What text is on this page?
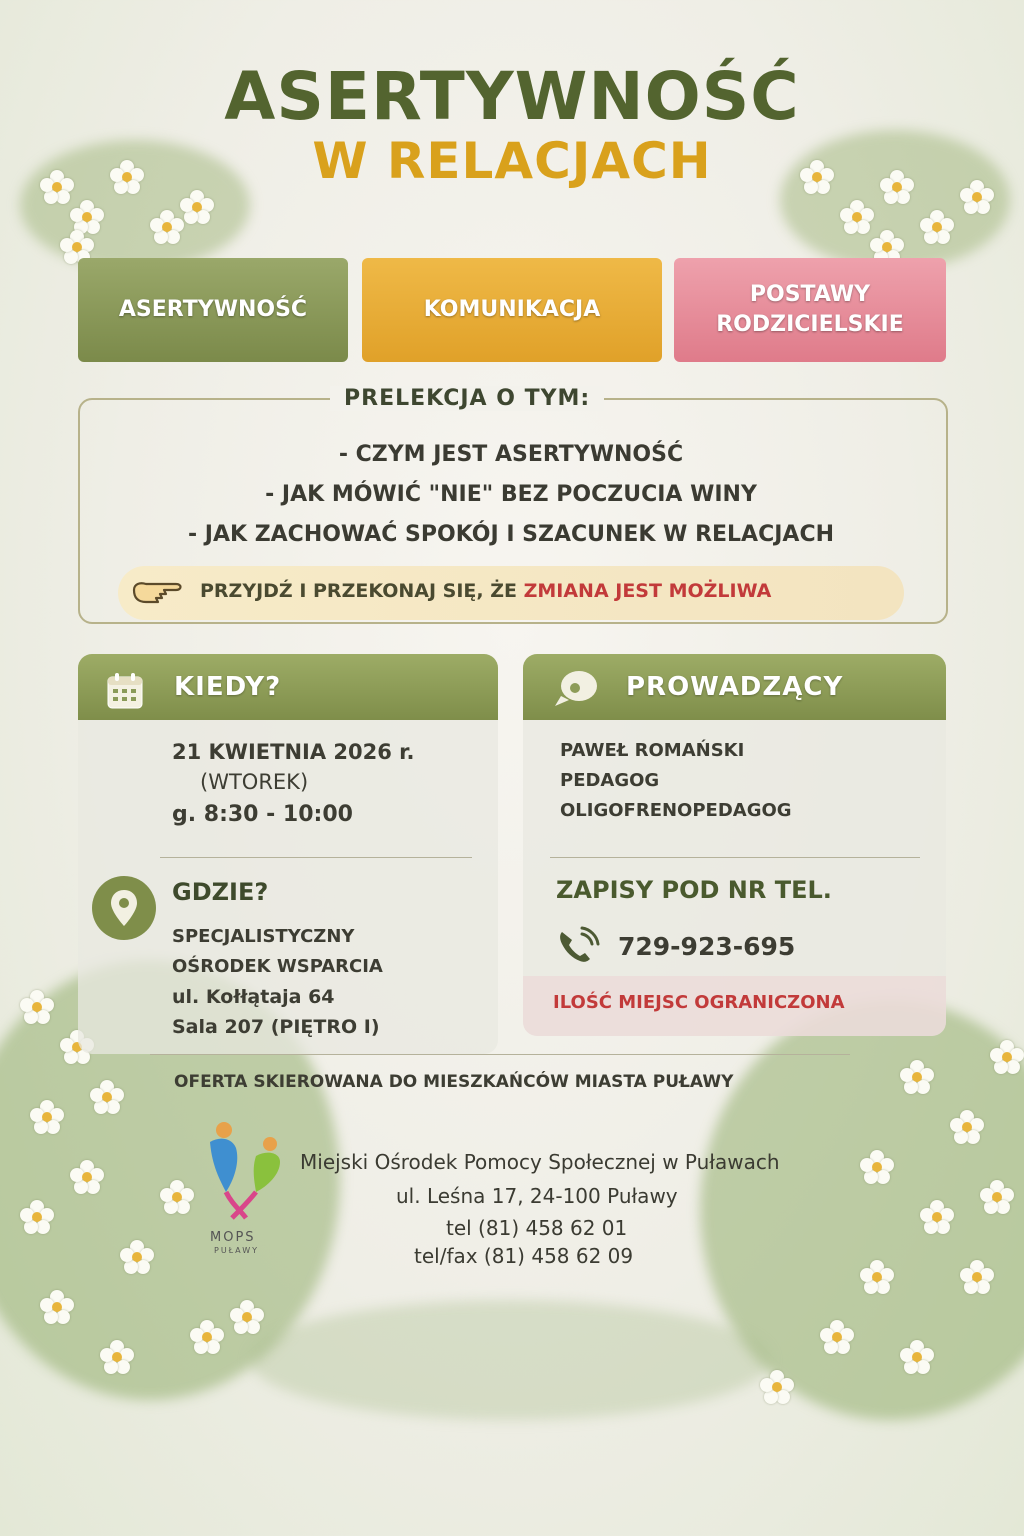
ASERTYWNOŚĆ
W RELACJACH
ASERTYWNOŚĆ	KOMUNIKACJA
POSTAWY
RODZICIELSKIE
PRELEKCJA O TYM:
- CZYM JEST ASERTYWNOŚĆ
- JAK MÓWIĆ "NIE" BEZ POCZUCIA WINY
- JAK ZACHOWAĆ SPOKÓJ I SZACUNEK W RELACJACH
PRZYJDŹ I PRZEKONAJ SIĘ, ŻE ZMIANA JEST MOŻLIWA
KIEDY?
21 KWIETNIA 2026 r.
(WTOREK)
g. 8:30 - 10:00
GDZIE?
SPECJALISTYCZNY
OŚRODEK WSPARCIA
ul. Kołłątaja 64
Sala 207 (PIĘTRO I)
PROWADZĄCY
PAWEŁ ROMAŃSKI
PEDAGOG
OLIGOFRENOPEDAGOG
ZAPISY POD NR TEL.
729-923-695
ILOŚĆ MIEJSC OGRANICZONA
OFERTA SKIEROWANA DO MIESZKAŃCÓW MIASTA PUŁAWY
MOPS
PUŁAWY
Miejski Ośrodek Pomocy Społecznej w Puławach
ul. Leśna 17, 24-100 Puławy
tel (81) 458 62 01
tel/fax (81) 458 62 09
